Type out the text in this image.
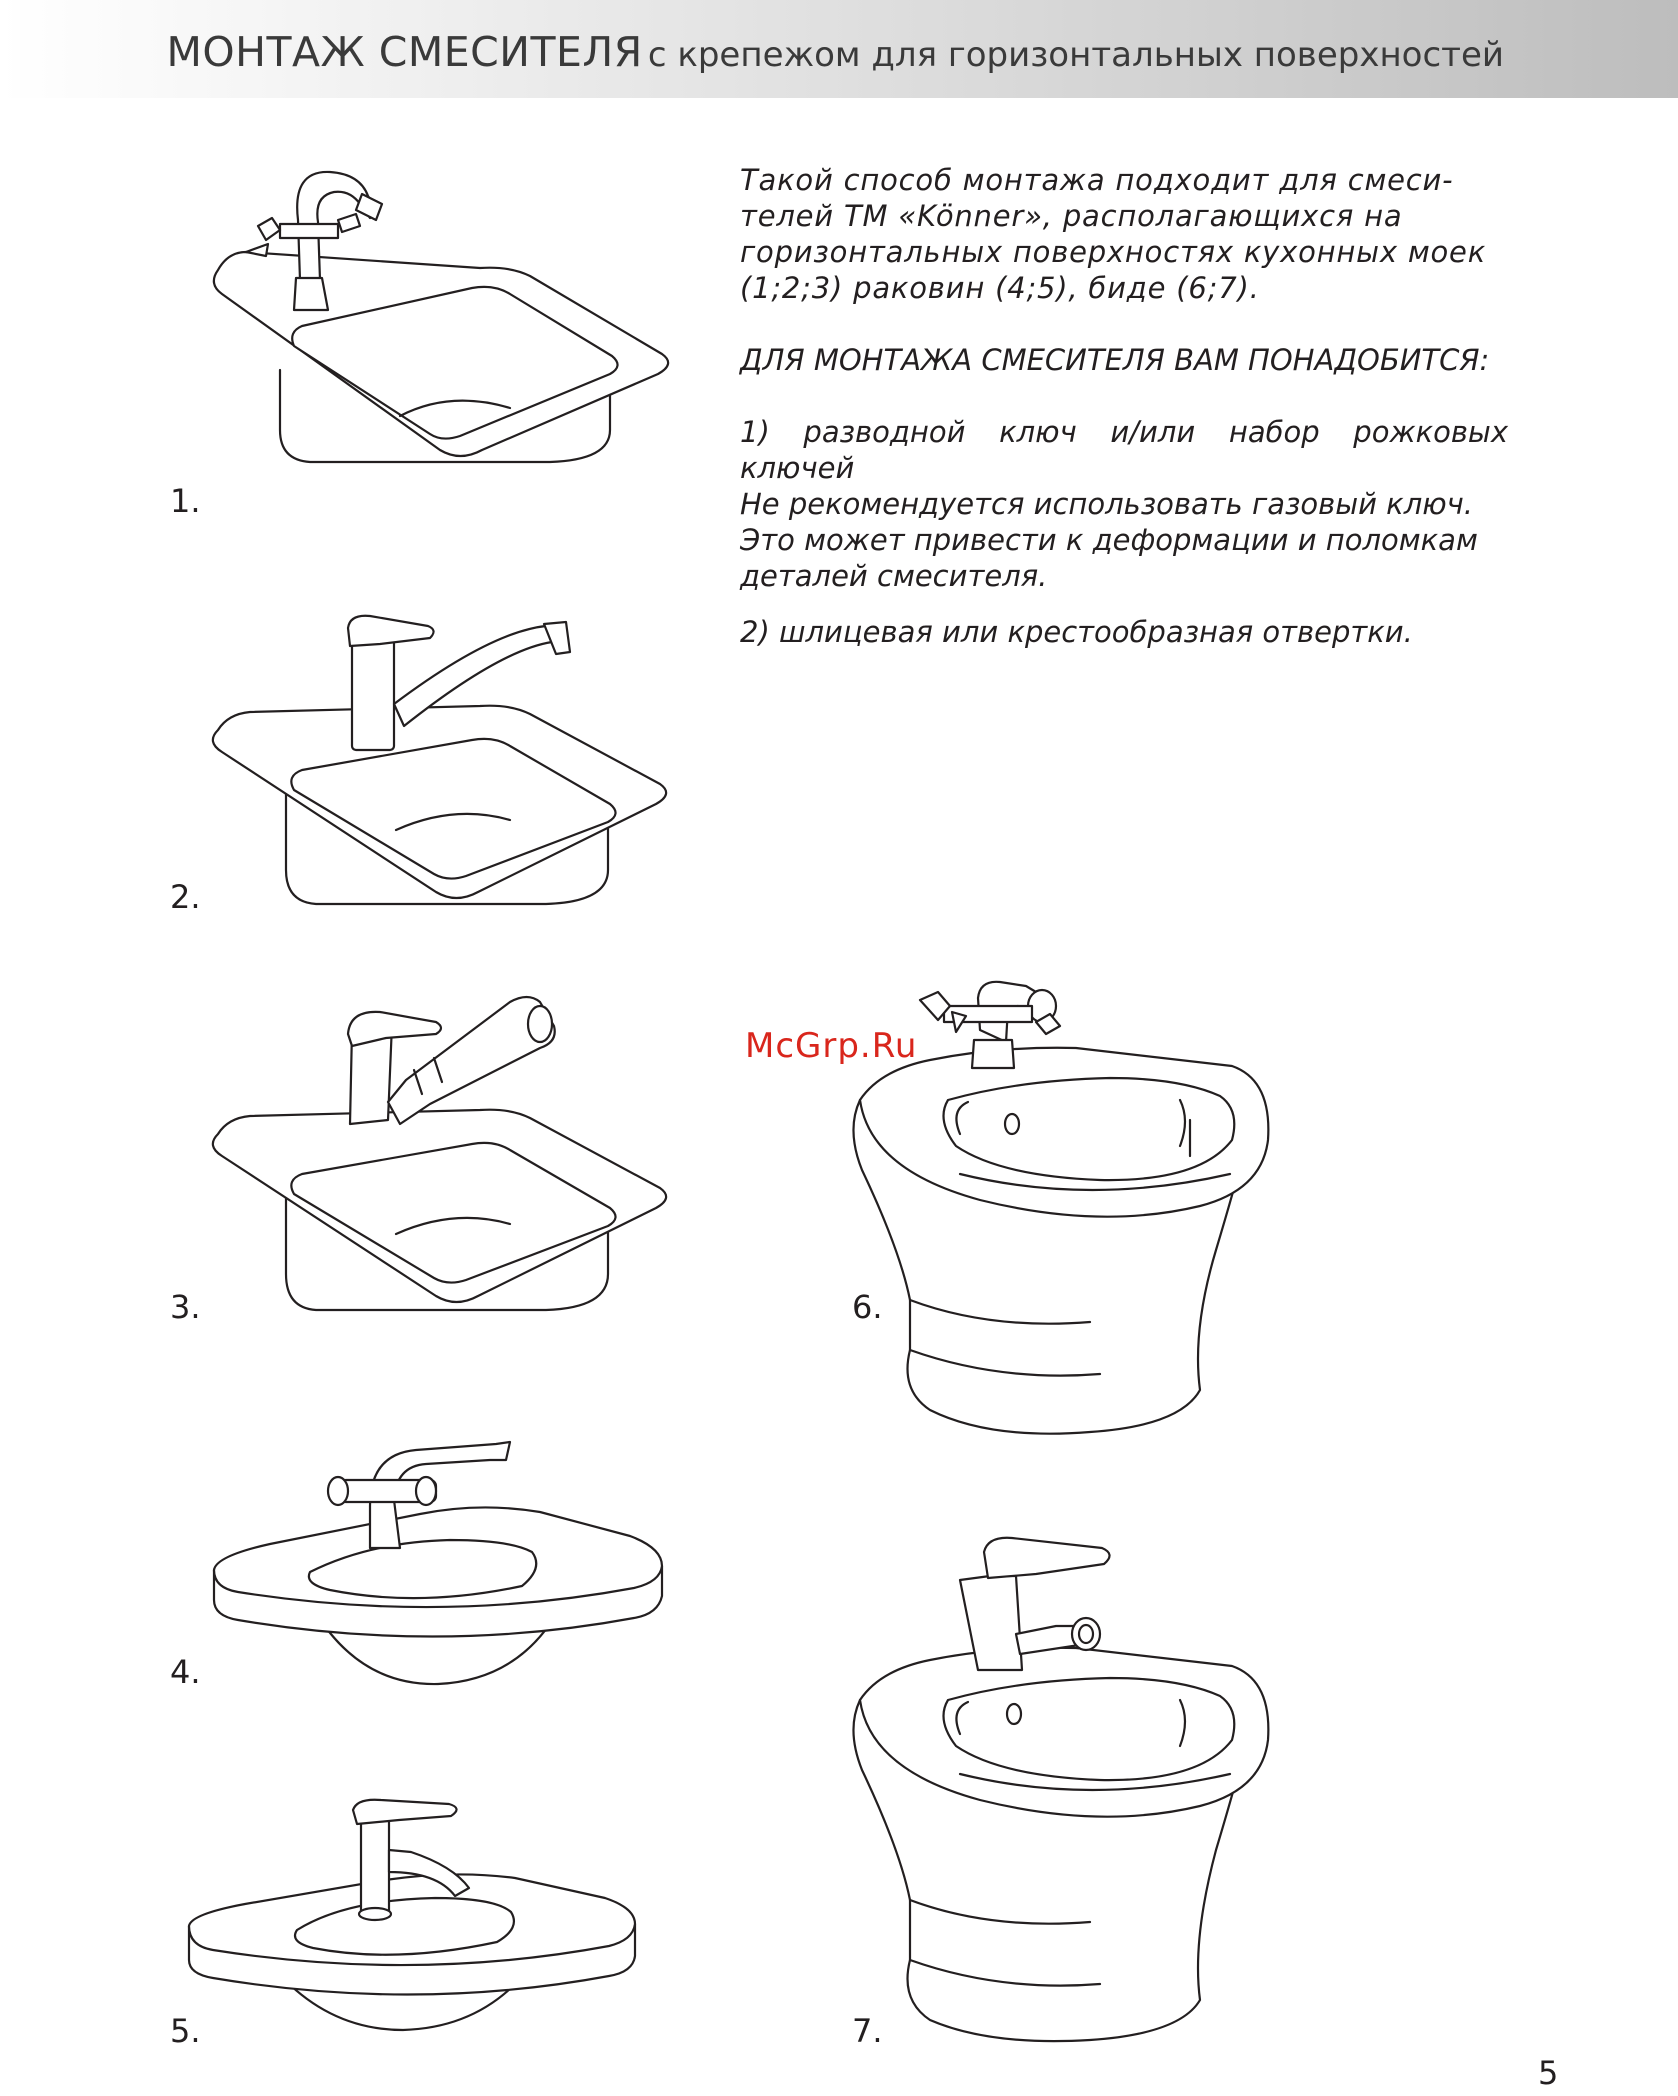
МОНТАЖ СМЕСИТЕЛЯ с крепежом для горизонтальных поверхностей

Такой способ монтажа подходит для смеси-

телей ТМ «Könner», располагающихся на

горизонтальных поверхностях кухонных моек

(1;2;3) раковин (4;5), биде (6;7).

ДЛЯ МОНТАЖА СМЕСИТЕЛЯ ВАМ ПОНАДОБИТСЯ:

1) разводной ключ и/или набор рожковых ключей

Не рекомендуется использовать газовый ключ.

Это может привести к деформации и поломкам

деталей смесителя.

2) шлицевая или крестообразная отвертки.

1.
2.
3.
4.
5.
6.
7.
McGrp.Ru
5
